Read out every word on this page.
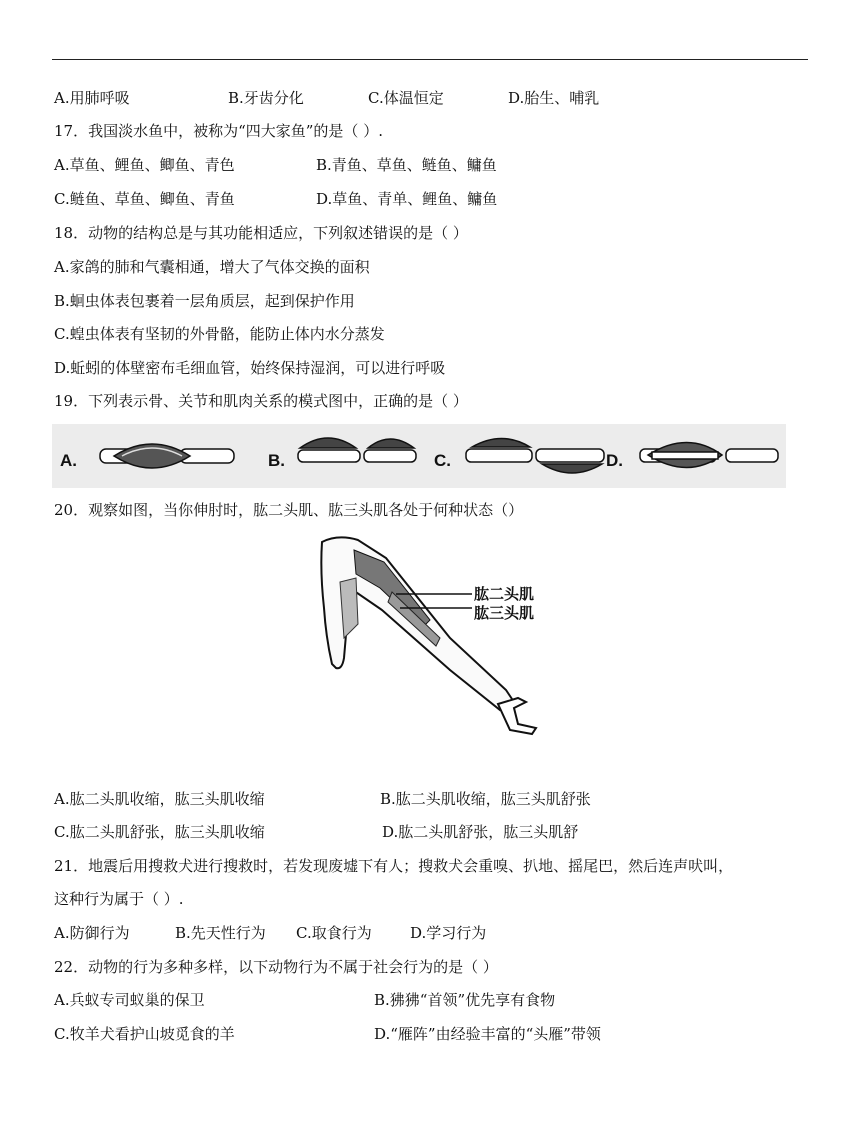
A.用肺呼吸	B.牙齿分化	C.体温恒定	D.胎生、哺乳
17．我国淡水鱼中，被称为“四大家鱼”的是（ ）.
A.草鱼、鲤鱼、鲫鱼、青色	B.青鱼、草鱼、鲢鱼、鳙鱼
C.鲢鱼、草鱼、鲫鱼、青鱼	D.草鱼、青单、鲤鱼、鳙鱼
18．动物的结构总是与其功能相适应，下列叙述错误的是（ ）
A.家鸽的肺和气囊相通，增大了气体交换的面积
B.蛔虫体表包裹着一层角质层，起到保护作用
C.蝗虫体表有坚韧的外骨骼，能防止体内水分蒸发
D.蚯蚓的体壁密布毛细血管，始终保持湿润，可以进行呼吸
19．下列表示骨、关节和肌肉关系的模式图中，正确的是（ ）
A.	B.	C.	D.
20．观察如图，当你伸肘时，肱二头肌、肱三头肌各处于何种状态（）
肱二头肌
肱三头肌
A.肱二头肌收缩，肱三头肌收缩	B.肱二头肌收缩，肱三头肌舒张
C.肱二头肌舒张，肱三头肌收缩	D.肱二头肌舒张，肱三头肌舒
21．地震后用搜救犬进行搜救时，若发现废墟下有人；搜救犬会重嗅、扒地、摇尾巴，然后连声吠叫，
这种行为属于（ ）.
A.防御行为	B.先天性行为 C.取食行为	D.学习行为
22．动物的行为多种多样，以下动物行为不属于社会行为的是（ ）
A.兵蚁专司蚁巢的保卫	B.狒狒“首领”优先享有食物
C.牧羊犬看护山坡觅食的羊	D.“雁阵”由经验丰富的“头雁”带领
